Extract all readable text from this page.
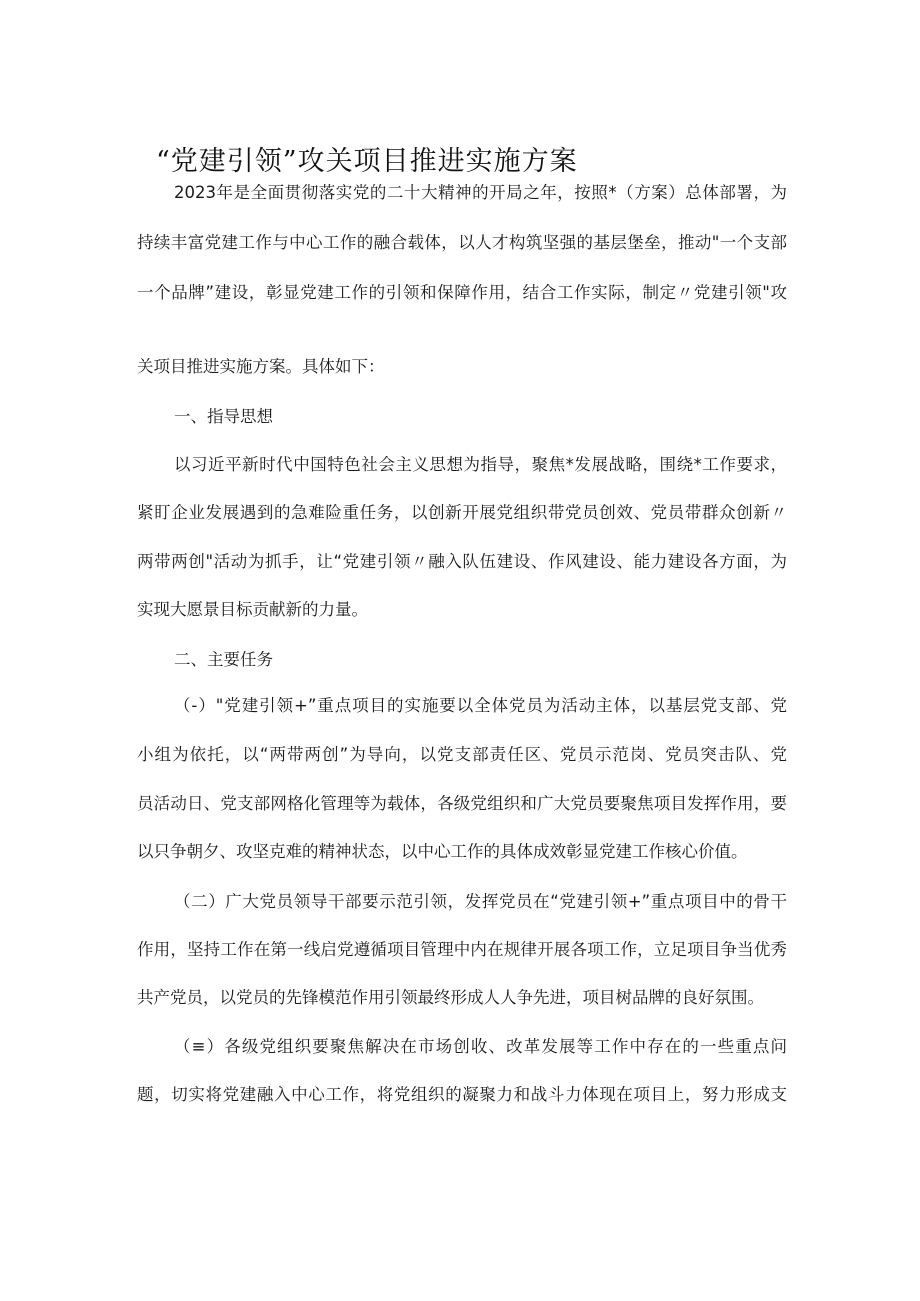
“党建引领”攻关项目推进实施方案
2023年是全面贯彻落实党的二十大精神的开局之年，按照*（方案）总体部署，为
持续丰富党建工作与中心工作的融合载体，以人才构筑坚强的基层堡垒，推动"一个支部
一个品牌”建设，彰显党建工作的引领和保障作用，结合工作实际，制定〃党建引领"攻
关项目推进实施方案。具体如下：
一、指导思想
以习近平新时代中国特色社会主义思想为指导，聚焦*发展战略，围绕*工作要求，
紧盯企业发展遇到的急难险重任务，以创新开展党组织带党员创效、党员带群众创新〃
两带两创"活动为抓手，让“党建引领〃融入队伍建设、作风建设、能力建设各方面，为
实现大愿景目标贡献新的力量。
二、主要任务
（-）"党建引领+”重点项目的实施要以全体党员为活动主体，以基层党支部、党
小组为依托，以“两带两创”为导向，以党支部责任区、党员示范岗、党员突击队、党
员活动日、党支部网格化管理等为载体，各级党组织和广大党员要聚焦项目发挥作用，要
以只争朝夕、攻坚克难的精神状态，以中心工作的具体成效彰显党建工作核心价值。
（二）广大党员领导干部要示范引领，发挥党员在“党建引领+”重点项目中的骨干
作用，坚持工作在第一线启党遵循项目管理中内在规律开展各项工作，立足项目争当优秀
共产党员，以党员的先锋模范作用引领最终形成人人争先进，项目树品牌的良好氛围。
（≡）各级党组织要聚焦解决在市场创收、改革发展等工作中存在的一些重点问
题，切实将党建融入中心工作，将党组织的凝聚力和战斗力体现在项目上，努力形成支
